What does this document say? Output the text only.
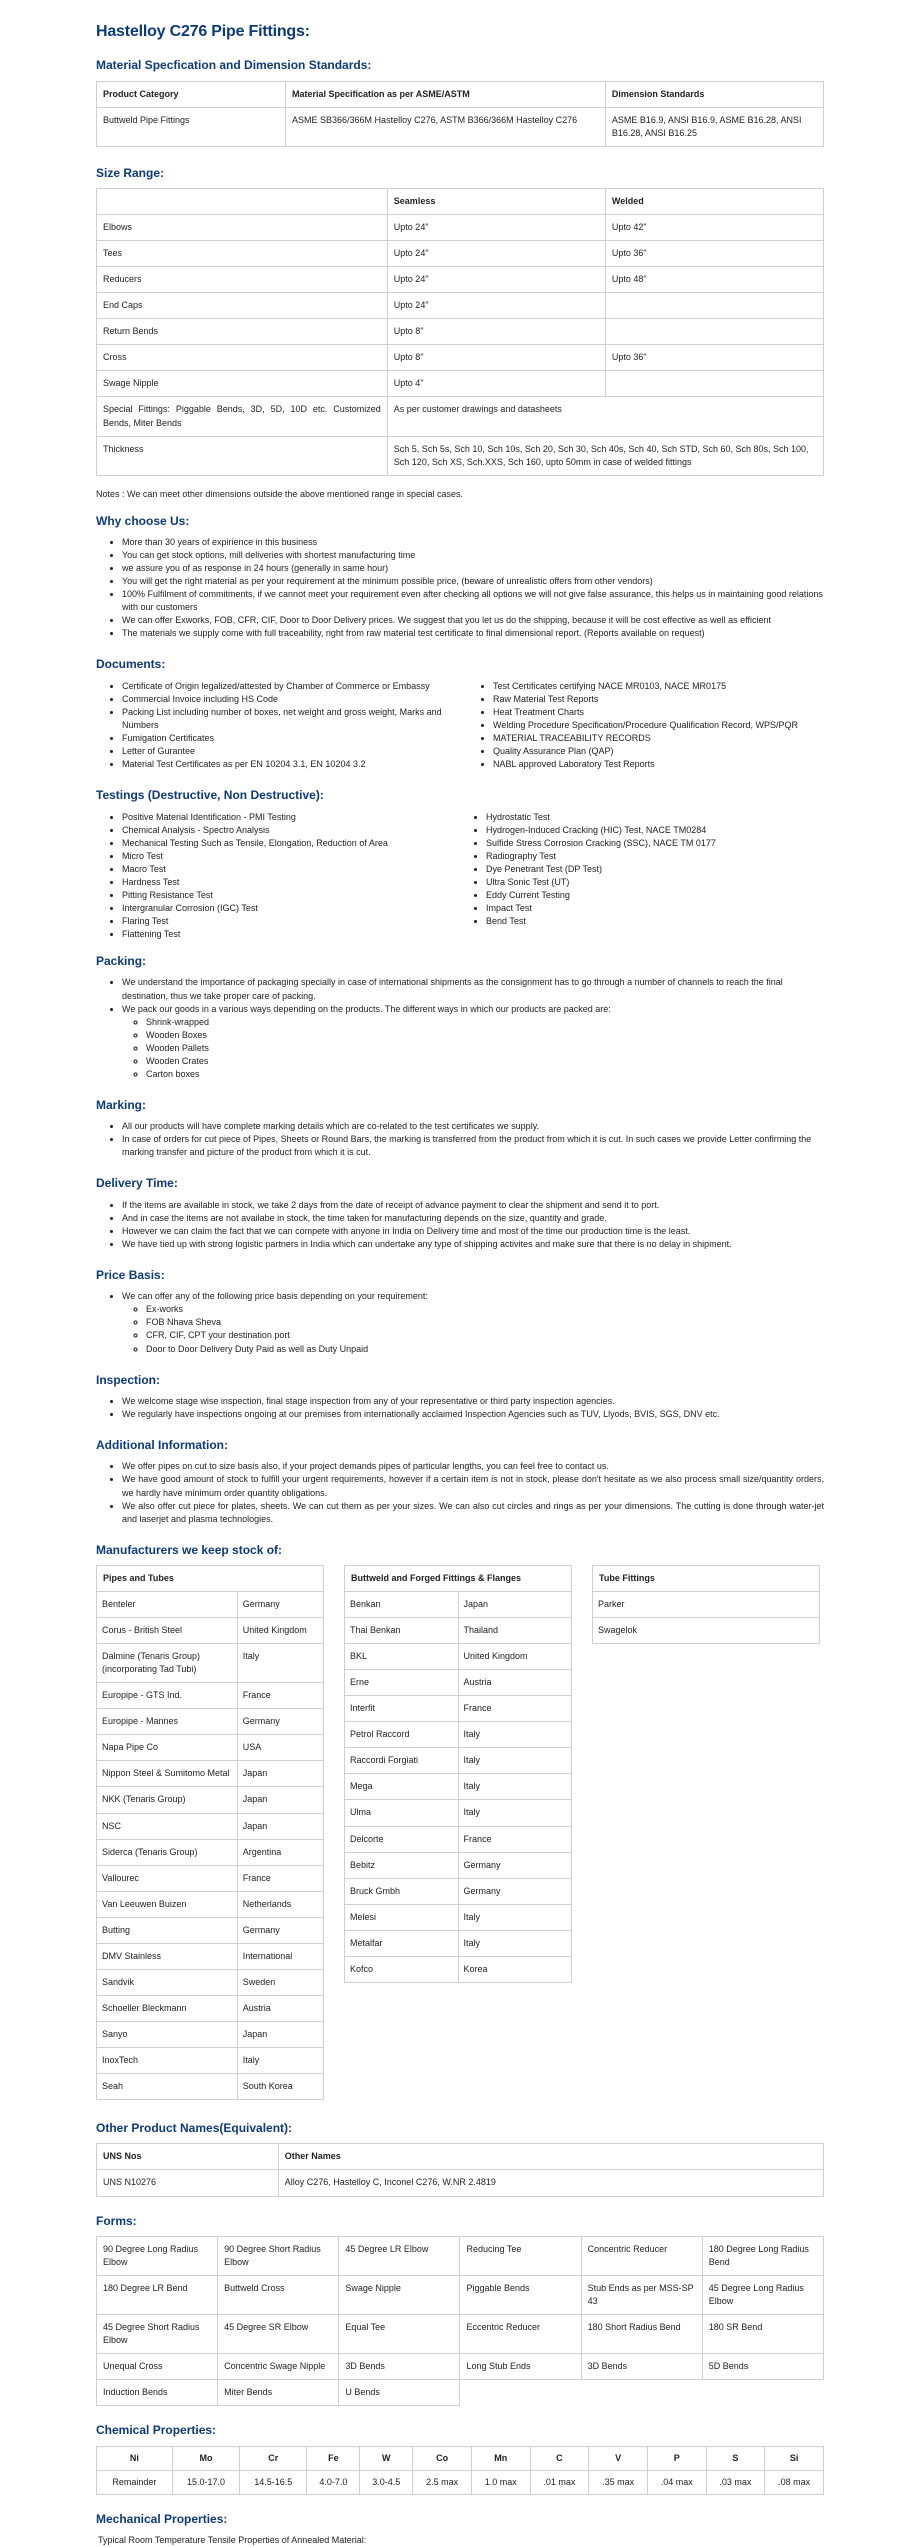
Hastelloy C276 Pipe Fittings:
Material Specfication and Dimension Standards:
Product Category	Material Specification as per ASME/ASTM	Dimension Standards
Buttweld Pipe Fittings	ASME SB366/366M Hastelloy C276, ASTM B366/366M Hastelloy C276	ASME B16.9, ANSI B16.9, ASME B16.28, ANSI B16.28, ANSI B16.25
Size Range:
	Seamless	Welded
Elbows	Upto 24"	Upto 42"
Tees	Upto 24"	Upto 36"
Reducers	Upto 24"	Upto 48"
End Caps	Upto 24"	
Return Bends	Upto 8"	
Cross	Upto 8"	Upto 36"
Swage Nipple	Upto 4"	
Special Fittings: Piggable Bends, 3D, 5D, 10D etc. Customized Bends, Miter Bends	As per customer drawings and datasheets	
Thickness	Sch 5, Sch 5s, Sch 10, Sch 10s, Sch 20, Sch 30, Sch 40s, Sch 40, Sch STD, Sch 60, Sch 80s, Sch 100, Sch 120, Sch XS, Sch.XXS, Sch 160, upto 50mm in case of welded fittings	

Notes : We can meet other dimensions outside the above mentioned range in special cases.

Why choose Us:
• More than 30 years of expirience in this business
• You can get stock options, mill deliveries with shortest manufacturing time
• we assure you of as response in 24 hours (generally in same hour)
• You will get the right material as per your requirement at the minimum possible price, (beware of unrealistic offers from other vendors)
• 100% Fulfilment of commitments, if we cannot meet your requirement even after checking all options we will not give false assurance, this helps us in maintaining good relations with our customers
• We can offer Exworks, FOB, CFR, CIF, Door to Door Delivery prices. We suggest that you let us do the shipping, because it will be cost effective as well as efficient
• The materials we supply come with full traceability, right from raw material test certificate to final dimensional report. (Reports available on request)
Documents:
• Certificate of Origin legalized/attested by Chamber of Commerce or Embassy
• Commercial Invoice including HS Code
• Packing List including number of boxes, net weight and gross weight, Marks and Numbers
• Fumigation Certificates
• Letter of Gurantee
• Material Test Certificates as per EN 10204 3.1, EN 10204 3.2
• Test Certificates certifying NACE MR0103, NACE MR0175
• Raw Material Test Reports
• Heat Treatment Charts
• Welding Procedure Specification/Procedure Qualification Record, WPS/PQR
• MATERIAL TRACEABILITY RECORDS
• Quality Assurance Plan (QAP)
• NABL approved Laboratory Test Reports
Testings (Destructive, Non Destructive):
• Positive Material Identification - PMI Testing
• Chemical Analysis - Spectro Analysis
• Mechanical Testing Such as Tensile, Elongation, Reduction of Area
• Micro Test
• Macro Test
• Hardness Test
• Pitting Resistance Test
• Intergranular Corrosion (IGC) Test
• Flaring Test
• Flattening Test
• Hydrostatic Test
• Hydrogen-Induced Cracking (HIC) Test, NACE TM0284
• Sulfide Stress Corrosion Cracking (SSC), NACE TM 0177
• Radiography Test
• Dye Penetrant Test (DP Test)
• Ultra Sonic Test (UT)
• Eddy Current Testing
• Impact Test
• Bend Test
Packing:
• We understand the importance of packaging specially in case of international shipments as the consignment has to go through a number of channels to reach the final destination, thus we take proper care of packing.
• We pack our goods in a various ways depending on the products. The different ways in which our products are packed are:
◦ Shrink-wrapped
◦ Wooden Boxes
◦ Wooden Pallets
◦ Wooden Crates
◦ Carton boxes
Marking:
• All our products will have complete marking details which are co-related to the test certificates we supply.
• In case of orders for cut piece of Pipes, Sheets or Round Bars, the marking is transferred from the product from which it is cut. In such cases we provide Letter confirming the marking transfer and picture of the product from which it is cut.
Delivery Time:
• If the items are available in stock, we take 2 days from the date of receipt of advance payment to clear the shipment and send it to port.
• And in case the items are not availabe in stock, the time taken for manufacturing depends on the size, quantity and grade.
• However we can claim the fact that we can compete with anyone in India on Delivery time and most of the time our production time is the least.
• We have tied up with strong logistic partners in India which can undertake any type of shipping activites and make sure that there is no delay in shipment.
Price Basis:
• We can offer any of the following price basis depending on your requirement:
◦ Ex-works
◦ FOB Nhava Sheva
◦ CFR, CIF, CPT your destination port
◦ Door to Door Delivery Duty Paid as well as Duty Unpaid
Inspection:
• We welcome stage wise inspection, final stage inspection from any of your representative or third party inspection agencies.
• We regularly have inspections ongoing at our premises from internationally acclaimed Inspection Agencies such as TUV, Llyods, BVIS, SGS, DNV etc.
Additional Information:
• We offer pipes on cut to size basis also, if your project demands pipes of particular lengths, you can feel free to contact us.
• We have good amount of stock to fulfill your urgent requirements, however if a certain item is not in stock, please don't hesitate as we also process small size/quantity orders, we hardly have minimum order quantity obligations.
• We also offer cut piece for plates, sheets. We can cut them as per your sizes. We can also cut circles and rings as per your dimensions. The cutting is done through water-jet and laserjet and plasma technologies.
Manufacturers we keep stock of:
Pipes and Tubes	
Benteler	Germany
Corus - British Steel	United Kingdom
Dalmine (Tenaris Group) (incorporating Tad Tubi)	Italy
Europipe - GTS Ind.	France
Europipe - Mannes	Germany
Napa Pipe Co	USA
Nippon Steel & Sumitomo Metal	Japan
NKK (Tenaris Group)	Japan
NSC	Japan
Siderca (Tenaris Group)	Argentina
Vallourec	France
Van Leeuwen Buizen	Netherlands
Butting	Germany
DMV Stainless	International
Sandvik	Sweden
Schoeller Bleckmann	Austria
Sanyo	Japan
InoxTech	Italy
Seah	South Korea
Buttweld and Forged Fittings & Flanges	
Benkan	Japan
Thai Benkan	Thailand
BKL	United Kingdom
Erne	Austria
Interfit	France
Petrol Raccord	Italy
Raccordi Forgiati	Italy
Mega	Italy
Ulma	Italy
Delcorte	France
Bebitz	Germany
Bruck Gmbh	Germany
Melesi	Italy
Metalfar	Italy
Kofco	Korea
Tube Fittings
Parker
Swagelok
Other Product Names(Equivalent):
UNS Nos	Other Names
UNS N10276	Alloy C276, Hastelloy C, Inconel C276, W.NR 2.4819
Forms:
90 Degree Long Radius Elbow	90 Degree Short Radius Elbow	45 Degree LR Elbow	Reducing Tee	Concentric Reducer	180 Degree Long Radius Bend
180 Degree LR Bend	Buttweld Cross	Swage Nipple	Piggable Bends	Stub Ends as per MSS-SP 43	45 Degree Long Radius Elbow
45 Degree Short Radius Elbow	45 Degree SR Elbow	Equal Tee	Eccentric Reducer	180 Short Radius Bend	180 SR Bend
Unequal Cross	Concentric Swage Nipple	3D Bends	Long Stub Ends	3D Bends	5D Bends
Induction Bends	Miter Bends	U Bends			
Chemical Properties:
Ni	Mo	Cr	Fe	W	Co	Mn	C	V	P	S	Si
Remainder	15.0-17.0	14.5-16.5	4.0-7.0	3.0-4.5	2.5 max	1.0 max	.01 max	.35 max	.04 max	.03 max	.08 max
Mechanical Properties:
Typical Room Temperature Tensile Properties of Annealed Material:
